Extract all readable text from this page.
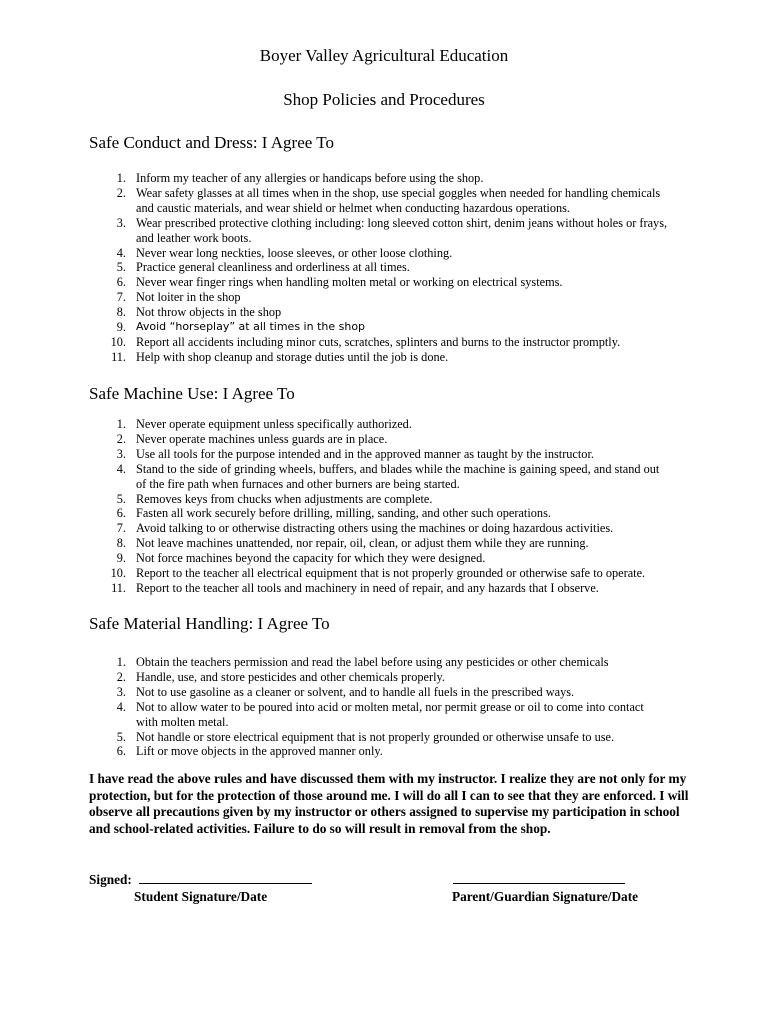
Boyer Valley Agricultural Education
Shop Policies and Procedures
Safe Conduct and Dress: I Agree To
1. Inform my teacher of any allergies or handicaps before using the shop.
2. Wear safety glasses at all times when in the shop, use special goggles when needed for handling chemicals and caustic materials, and wear shield or helmet when conducting hazardous operations.
3. Wear prescribed protective clothing including: long sleeved cotton shirt, denim jeans without holes or frays, and leather work boots.
4. Never wear long neckties, loose sleeves, or other loose clothing.
5. Practice general cleanliness and orderliness at all times.
6. Never wear finger rings when handling molten metal or working on electrical systems.
7. Not loiter in the shop
8. Not throw objects in the shop
9. Avoid “horseplay” at all times in the shop
10. Report all accidents including minor cuts, scratches, splinters and burns to the instructor promptly.
11. Help with shop cleanup and storage duties until the job is done.
Safe Machine Use: I Agree To
1. Never operate equipment unless specifically authorized.
2. Never operate machines unless guards are in place.
3. Use all tools for the purpose intended and in the approved manner as taught by the instructor.
4. Stand to the side of grinding wheels, buffers, and blades while the machine is gaining speed, and stand out of the fire path when furnaces and other burners are being started.
5. Removes keys from chucks when adjustments are complete.
6. Fasten all work securely before drilling, milling, sanding, and other such operations.
7. Avoid talking to or otherwise distracting others using the machines or doing hazardous activities.
8. Not leave machines unattended, nor repair, oil, clean, or adjust them while they are running.
9. Not force machines beyond the capacity for which they were designed.
10. Report to the teacher all electrical equipment that is not properly grounded or otherwise safe to operate.
11. Report to the teacher all tools and machinery in need of repair, and any hazards that I observe.
Safe Material Handling: I Agree To
1. Obtain the teachers permission and read the label before using any pesticides or other chemicals
2. Handle, use, and store pesticides and other chemicals properly.
3. Not to use gasoline as a cleaner or solvent, and to handle all fuels in the prescribed ways.
4. Not to allow water to be poured into acid or molten metal, nor permit grease or oil to come into contact with molten metal.
5. Not handle or store electrical equipment that is not properly grounded or otherwise unsafe to use.
6. Lift or move objects in the approved manner only.
I have read the above rules and have discussed them with my instructor. I realize they are not only for my protection, but for the protection of those around me. I will do all I can to see that they are enforced. I will observe all precautions given by my instructor or others assigned to supervise my participation in school and school-related activities. Failure to do so will result in removal from the shop.
Signed:
Student Signature/Date	Parent/Guardian Signature/Date
